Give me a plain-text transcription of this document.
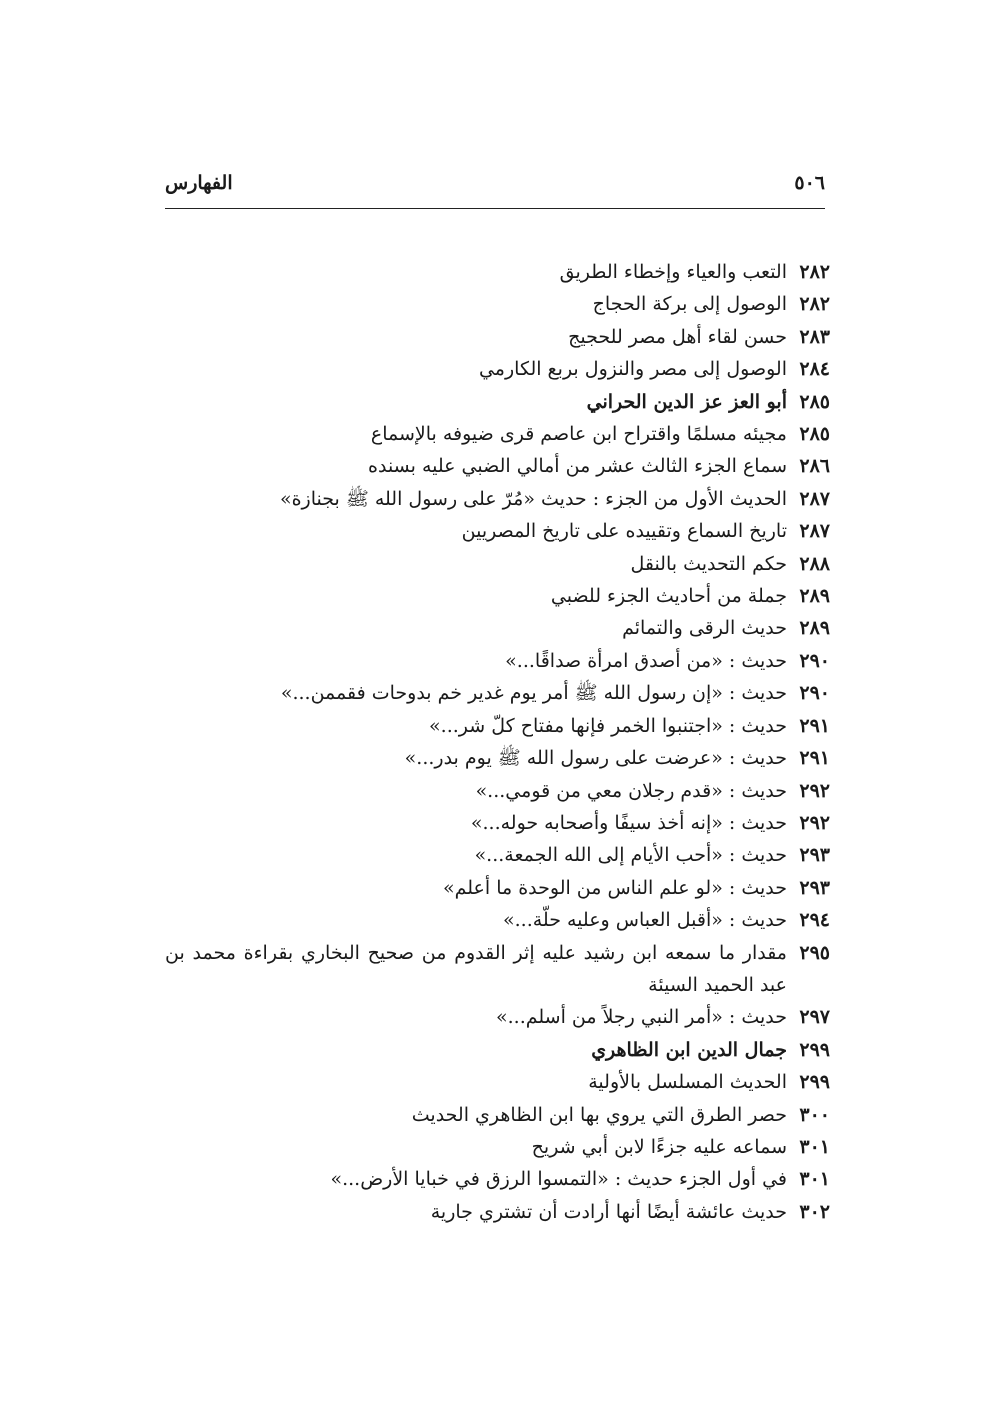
٥٠٦
الفهارس
٢٨٢
التعب والعياء وإخطاء الطريق
٢٨٢
الوصول إلى بركة الحجاج
٢٨٣
حسن لقاء أهل مصر للحجيج
٢٨٤
الوصول إلى مصر والنزول بربع الكارمي
٢٨٥
أبو العز عز الدين الحراني
٢٨٥
مجيئه مسلمًا واقتراح ابن عاصم قرى ضيوفه بالإسماع
٢٨٦
سماع الجزء الثالث عشر من أمالي الضبي عليه بسنده
٢٨٧
الحديث الأول من الجزء : حديث «مُرّ على رسول الله ﷺ بجنازة»
٢٨٧
تاريخ السماع وتقييده على تاريخ المصريين
٢٨٨
حكم التحديث بالنقل
٢٨٩
جملة من أحاديث الجزء للضبي
٢٨٩
حديث الرقى والتمائم
٢٩٠
حديث : «من أصدق امرأة صداقًا...»
٢٩٠
حديث : «إن رسول الله ﷺ أمر يوم غدير خم بدوحات فقممن...»
٢٩١
حديث : «اجتنبوا الخمر فإنها مفتاح كلّ شر...»
٢٩١
حديث : «عرضت على رسول الله ﷺ يوم بدر...»
٢٩٢
حديث : «قدم رجلان معي من قومي...»
٢٩٢
حديث : «إنه أخذ سيفًا وأصحابه حوله...»
٢٩٣
حديث : «أحب الأيام إلى الله الجمعة...»
٢٩٣
حديث : «لو علم الناس من الوحدة ما أعلم»
٢٩٤
حديث : «أقبل العباس وعليه حلّة...»
٢٩٥
مقدار ما سمعه ابن رشيد عليه إثر القدوم من صحيح البخاري بقراءة محمد بن عبد الحميد السيئة
٢٩٧
حديث : «أمر النبي رجلاً من أسلم...»
٢٩٩
جمال الدين ابن الظاهري
٢٩٩
الحديث المسلسل بالأولية
٣٠٠
حصر الطرق التي يروي بها ابن الظاهري الحديث
٣٠١
سماعه عليه جزءًا لابن أبي شريح
٣٠١
في أول الجزء حديث : «التمسوا الرزق في خبايا الأرض...»
٣٠٢
حديث عائشة أيضًا أنها أرادت أن تشتري جارية
